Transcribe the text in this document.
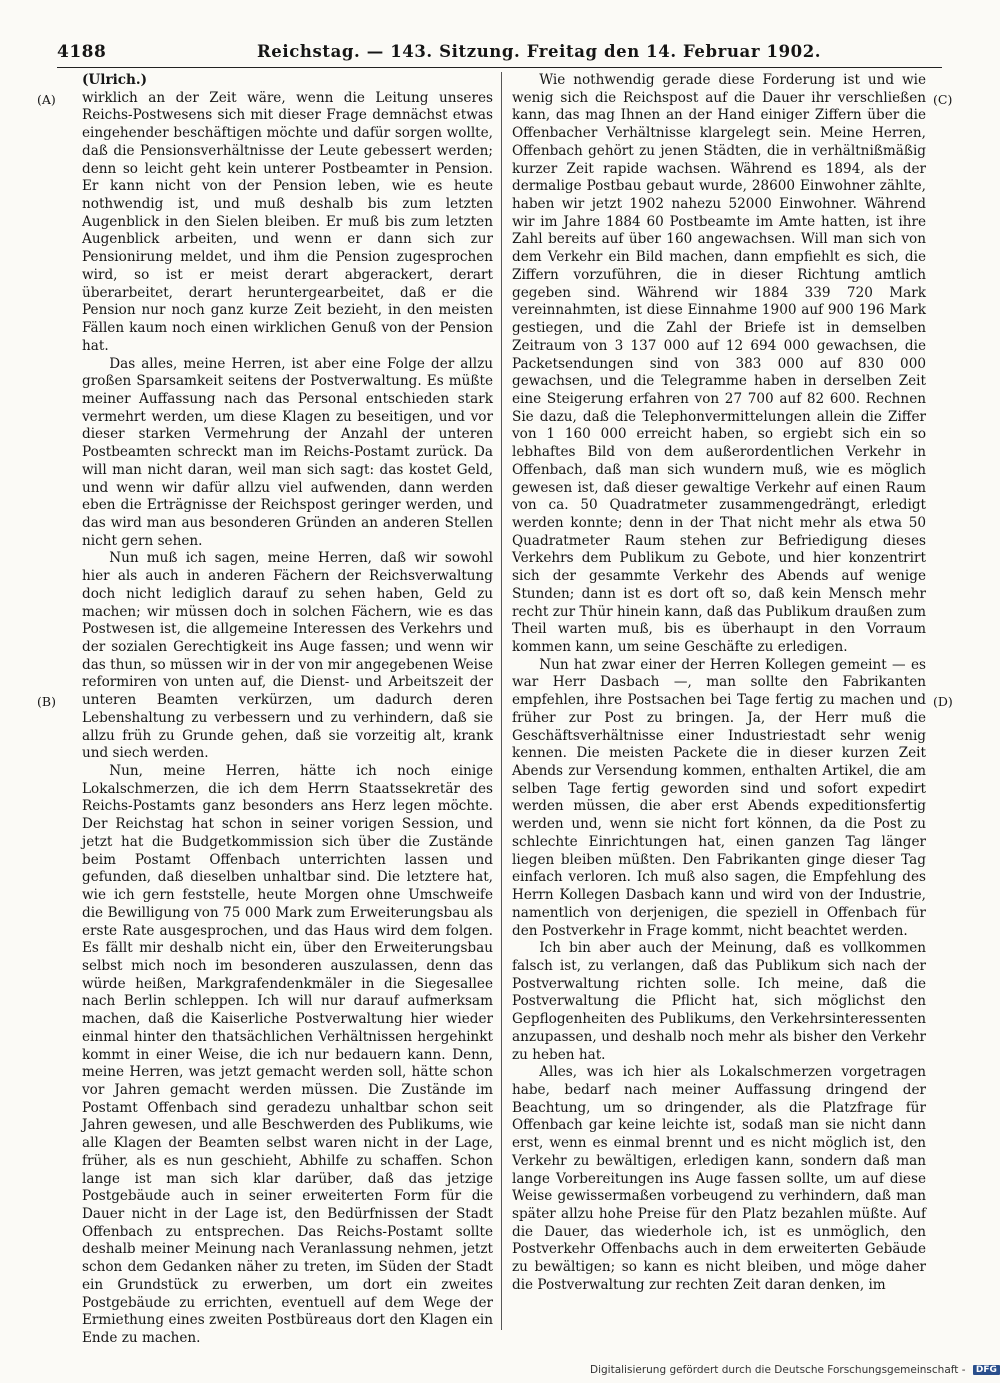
4188	Reichstag. — 143. Sitzung. Freitag den 14. Februar 1902.
(A)
(B)
(C)
(D)

(Ulrich.)

wirklich an der Zeit wäre, wenn die Leitung unseres Reichs-Postwesens sich mit dieser Frage demnächst etwas eingehender beschäftigen möchte und dafür sorgen wollte, daß die Pensionsverhältnisse der Leute gebessert werden; denn so leicht geht kein unterer Postbeamter in Pension. Er kann nicht von der Pension leben, wie es heute nothwendig ist, und muß deshalb bis zum letzten Augenblick in den Sielen bleiben. Er muß bis zum letzten Augenblick arbeiten, und wenn er dann sich zur Pensionirung meldet, und ihm die Pension zugesprochen wird, so ist er meist derart abgerackert, derart überarbeitet, derart heruntergearbeitet, daß er die Pension nur noch ganz kurze Zeit bezieht, in den meisten Fällen kaum noch einen wirklichen Genuß von der Pension hat.

Das alles, meine Herren, ist aber eine Folge der allzu großen Sparsamkeit seitens der Postverwaltung. Es müßte meiner Auffassung nach das Personal entschieden stark vermehrt werden, um diese Klagen zu beseitigen, und vor dieser starken Vermehrung der Anzahl der unteren Postbeamten schreckt man im Reichs-Postamt zurück. Da will man nicht daran, weil man sich sagt: das kostet Geld, und wenn wir dafür allzu viel aufwenden, dann werden eben die Erträgnisse der Reichspost geringer werden, und das wird man aus besonderen Gründen an anderen Stellen nicht gern sehen.

Nun muß ich sagen, meine Herren, daß wir sowohl hier als auch in anderen Fächern der Reichsverwaltung doch nicht lediglich darauf zu sehen haben, Geld zu machen; wir müssen doch in solchen Fächern, wie es das Postwesen ist, die allgemeine Interessen des Verkehrs und der sozialen Gerechtigkeit ins Auge fassen; und wenn wir das thun, so müssen wir in der von mir angegebenen Weise reformiren von unten auf, die Dienst- und Arbeitszeit der unteren Beamten verkürzen, um dadurch deren Lebenshaltung zu verbessern und zu verhindern, daß sie allzu früh zu Grunde gehen, daß sie vorzeitig alt, krank und siech werden.

Nun, meine Herren, hätte ich noch einige Lokalschmerzen, die ich dem Herrn Staatssekretär des Reichs-Postamts ganz besonders ans Herz legen möchte. Der Reichstag hat schon in seiner vorigen Session, und jetzt hat die Budgetkommission sich über die Zustände beim Postamt Offenbach unterrichten lassen und gefunden, daß dieselben unhaltbar sind. Die letztere hat, wie ich gern feststelle, heute Morgen ohne Umschweife die Bewilligung von 75 000 Mark zum Erweiterungsbau als erste Rate ausgesprochen, und das Haus wird dem folgen. Es fällt mir deshalb nicht ein, über den Erweiterungsbau selbst mich noch im besonderen auszulassen, denn das würde heißen, Markgrafendenkmäler in die Siegesallee nach Berlin schleppen. Ich will nur darauf aufmerksam machen, daß die Kaiserliche Postverwaltung hier wieder einmal hinter den thatsächlichen Verhältnissen hergehinkt kommt in einer Weise, die ich nur bedauern kann. Denn, meine Herren, was jetzt gemacht werden soll, hätte schon vor Jahren gemacht werden müssen. Die Zustände im Postamt Offenbach sind geradezu unhaltbar schon seit Jahren gewesen, und alle Beschwerden des Publikums, wie alle Klagen der Beamten selbst waren nicht in der Lage, früher, als es nun geschieht, Abhilfe zu schaffen. Schon lange ist man sich klar darüber, daß das jetzige Postgebäude auch in seiner erweiterten Form für die Dauer nicht in der Lage ist, den Bedürfnissen der Stadt Offenbach zu entsprechen. Das Reichs-Postamt sollte deshalb meiner Meinung nach Veranlassung nehmen, jetzt schon dem Gedanken näher zu treten, im Süden der Stadt ein Grundstück zu erwerben, um dort ein zweites Postgebäude zu errichten, eventuell auf dem Wege der Ermiethung eines zweiten Postbüreaus dort den Klagen ein Ende zu machen.

Wie nothwendig gerade diese Forderung ist und wie wenig sich die Reichspost auf die Dauer ihr verschließen kann, das mag Ihnen an der Hand einiger Ziffern über die Offenbacher Verhältnisse klargelegt sein. Meine Herren, Offenbach gehört zu jenen Städten, die in verhältnißmäßig kurzer Zeit rapide wachsen. Während es 1894, als der dermalige Postbau gebaut wurde, 28600 Einwohner zählte, haben wir jetzt 1902 nahezu 52000 Einwohner. Während wir im Jahre 1884 60 Postbeamte im Amte hatten, ist ihre Zahl bereits auf über 160 angewachsen. Will man sich von dem Verkehr ein Bild machen, dann empfiehlt es sich, die Ziffern vorzuführen, die in dieser Richtung amtlich gegeben sind. Während wir 1884 339 720 Mark vereinnahmten, ist diese Einnahme 1900 auf 900 196 Mark gestiegen, und die Zahl der Briefe ist in demselben Zeitraum von 3 137 000 auf 12 694 000 gewachsen, die Packetsendungen sind von 383 000 auf 830 000 gewachsen, und die Telegramme haben in derselben Zeit eine Steigerung erfahren von 27 700 auf 82 600. Rechnen Sie dazu, daß die Telephonvermittelungen allein die Ziffer von 1 160 000 erreicht haben, so ergiebt sich ein so lebhaftes Bild von dem außerordentlichen Verkehr in Offenbach, daß man sich wundern muß, wie es möglich gewesen ist, daß dieser gewaltige Verkehr auf einen Raum von ca. 50 Quadratmeter zusammengedrängt, erledigt werden konnte; denn in der That nicht mehr als etwa 50 Quadratmeter Raum stehen zur Befriedigung dieses Verkehrs dem Publikum zu Gebote, und hier konzentrirt sich der gesammte Verkehr des Abends auf wenige Stunden; dann ist es dort oft so, daß kein Mensch mehr recht zur Thür hinein kann, daß das Publikum draußen zum Theil warten muß, bis es überhaupt in den Vorraum kommen kann, um seine Geschäfte zu erledigen.

Nun hat zwar einer der Herren Kollegen gemeint — es war Herr Dasbach —, man sollte den Fabrikanten empfehlen, ihre Postsachen bei Tage fertig zu machen und früher zur Post zu bringen. Ja, der Herr muß die Geschäftsverhältnisse einer Industriestadt sehr wenig kennen. Die meisten Packete die in dieser kurzen Zeit Abends zur Versendung kommen, enthalten Artikel, die am selben Tage fertig geworden sind und sofort expedirt werden müssen, die aber erst Abends expeditionsfertig werden und, wenn sie nicht fort können, da die Post zu schlechte Einrichtungen hat, einen ganzen Tag länger liegen bleiben müßten. Den Fabrikanten ginge dieser Tag einfach verloren. Ich muß also sagen, die Empfehlung des Herrn Kollegen Dasbach kann und wird von der Industrie, namentlich von derjenigen, die speziell in Offenbach für den Postverkehr in Frage kommt, nicht beachtet werden.

Ich bin aber auch der Meinung, daß es vollkommen falsch ist, zu verlangen, daß das Publikum sich nach der Postverwaltung richten solle. Ich meine, daß die Postverwaltung die Pflicht hat, sich möglichst den Gepflogenheiten des Publikums, den Verkehrsinteressenten anzupassen, und deshalb noch mehr als bisher den Verkehr zu heben hat.

Alles, was ich hier als Lokalschmerzen vorgetragen habe, bedarf nach meiner Auffassung dringend der Beachtung, um so dringender, als die Platzfrage für Offenbach gar keine leichte ist, sodaß man sie nicht dann erst, wenn es einmal brennt und es nicht möglich ist, den Verkehr zu bewältigen, erledigen kann, sondern daß man lange Vorbereitungen ins Auge fassen sollte, um auf diese Weise gewissermaßen vorbeugend zu verhindern, daß man später allzu hohe Preise für den Platz bezahlen müßte. Auf die Dauer, das wiederhole ich, ist es unmöglich, den Postverkehr Offenbachs auch in dem erweiterten Gebäude zu bewältigen; so kann es nicht bleiben, und möge daher die Postverwaltung zur rechten Zeit daran denken, im

Digitalisierung gefördert durch die Deutsche Forschungsgemeinschaft - DFG
